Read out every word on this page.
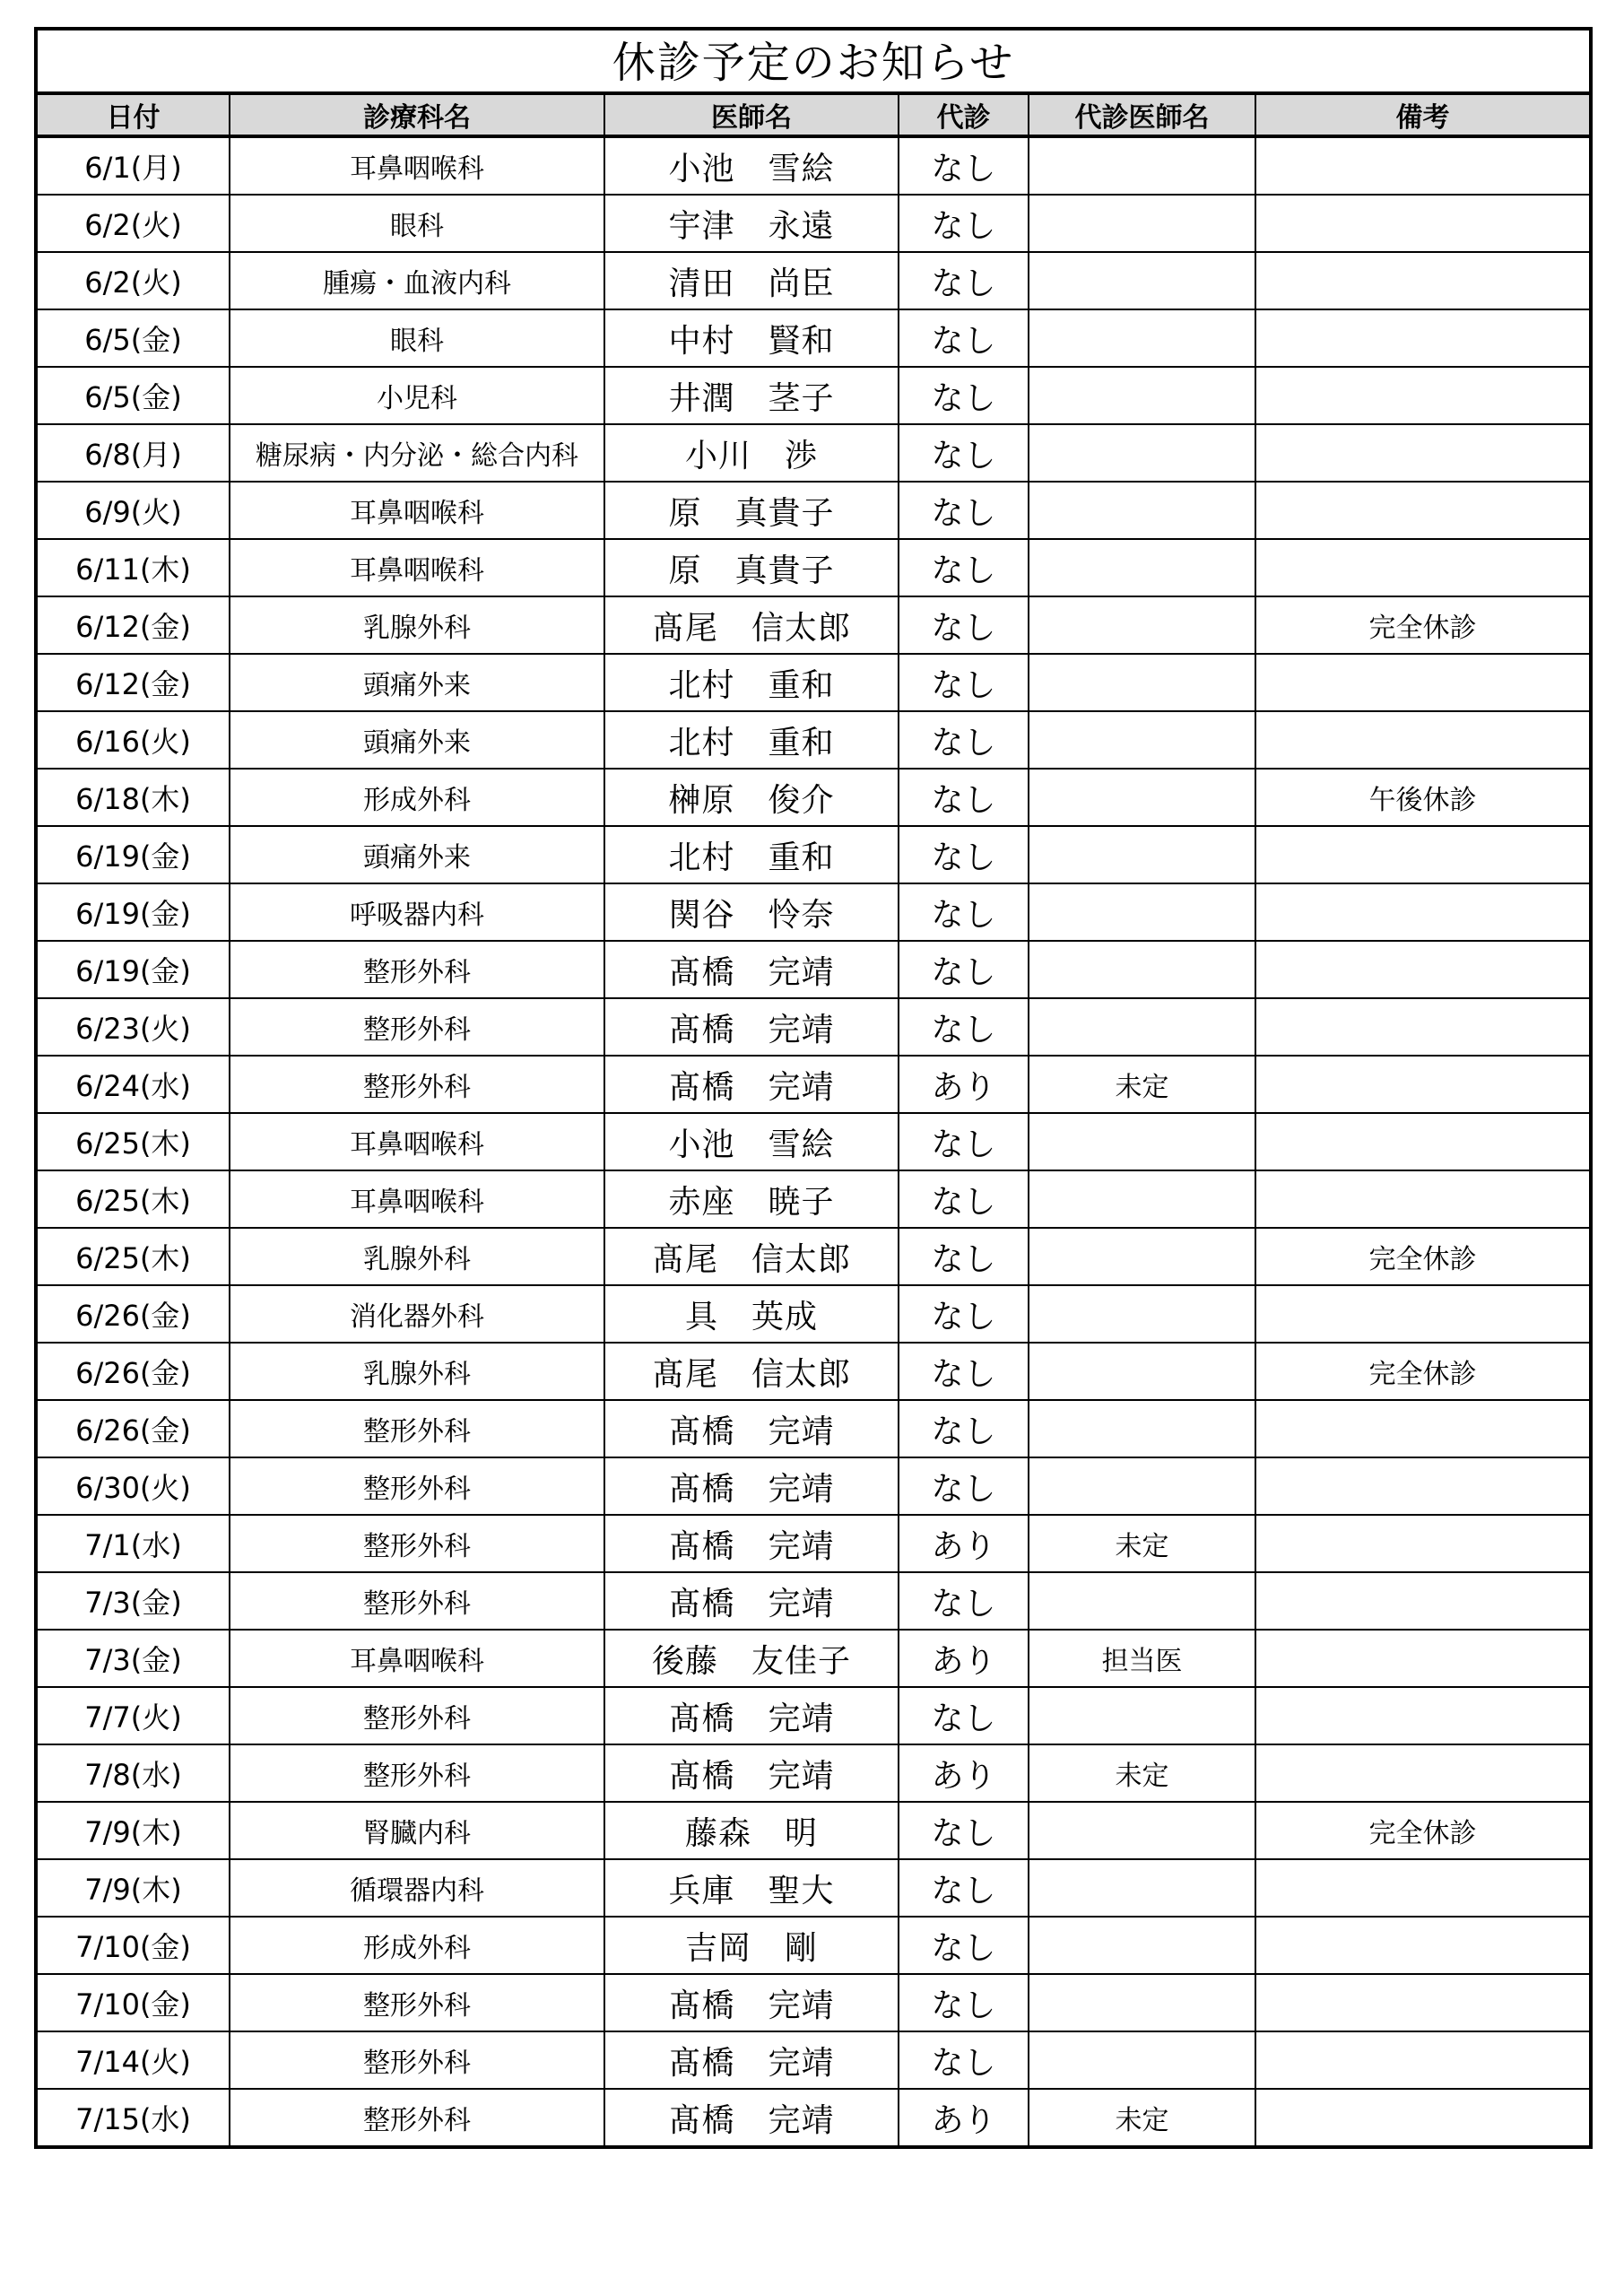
休診予定のお知らせ
日付	診療科名	医師名	代診	代診医師名	備考
6/1(月)	耳鼻咽喉科	小池　雪絵	なし		
6/2(火)	眼科	宇津　永遠	なし		
6/2(火)	腫瘍・血液内科	清田　尚臣	なし		
6/5(金)	眼科	中村　賢和	なし		
6/5(金)	小児科	井潤　茎子	なし		
6/8(月)	糖尿病・内分泌・総合内科	小川　渉	なし		
6/9(火)	耳鼻咽喉科	原　真貴子	なし		
6/11(木)	耳鼻咽喉科	原　真貴子	なし		
6/12(金)	乳腺外科	髙尾　信太郎	なし		完全休診
6/12(金)	頭痛外来	北村　重和	なし		
6/16(火)	頭痛外来	北村　重和	なし		
6/18(木)	形成外科	榊原　俊介	なし		午後休診
6/19(金)	頭痛外来	北村　重和	なし		
6/19(金)	呼吸器内科	関谷　怜奈	なし		
6/19(金)	整形外科	髙橋　完靖	なし		
6/23(火)	整形外科	髙橋　完靖	なし		
6/24(水)	整形外科	髙橋　完靖	あり	未定	
6/25(木)	耳鼻咽喉科	小池　雪絵	なし		
6/25(木)	耳鼻咽喉科	赤座　暁子	なし		
6/25(木)	乳腺外科	髙尾　信太郎	なし		完全休診
6/26(金)	消化器外科	具　英成	なし		
6/26(金)	乳腺外科	髙尾　信太郎	なし		完全休診
6/26(金)	整形外科	髙橋　完靖	なし		
6/30(火)	整形外科	髙橋　完靖	なし		
7/1(水)	整形外科	髙橋　完靖	あり	未定	
7/3(金)	整形外科	髙橋　完靖	なし		
7/3(金)	耳鼻咽喉科	後藤　友佳子	あり	担当医	
7/7(火)	整形外科	髙橋　完靖	なし		
7/8(水)	整形外科	髙橋　完靖	あり	未定	
7/9(木)	腎臓内科	藤森　明	なし		完全休診
7/9(木)	循環器内科	兵庫　聖大	なし		
7/10(金)	形成外科	吉岡　剛	なし		
7/10(金)	整形外科	髙橋　完靖	なし		
7/14(火)	整形外科	髙橋　完靖	なし		
7/15(水)	整形外科	髙橋　完靖	あり	未定	
